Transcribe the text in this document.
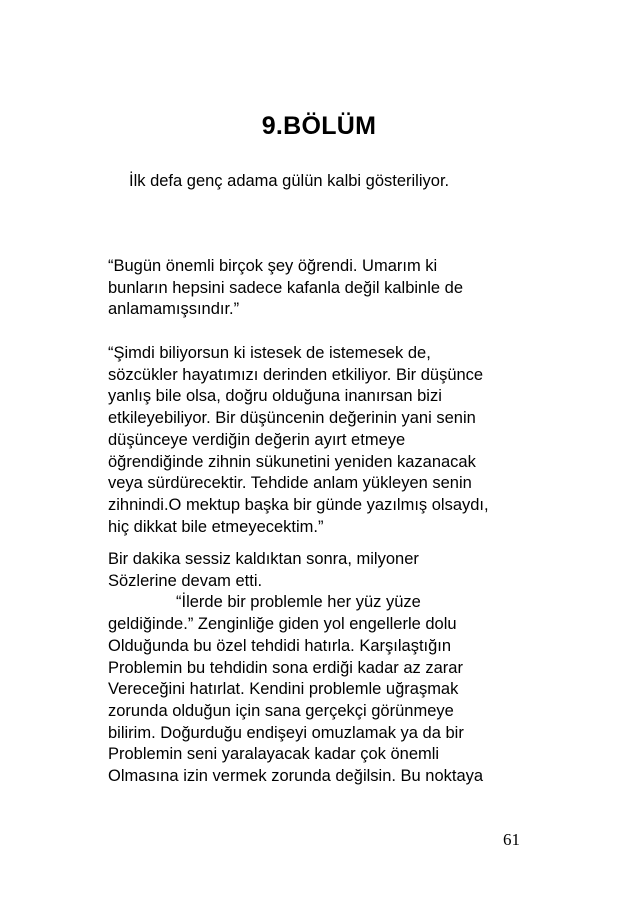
9.BÖLÜM
İlk defa genç adama gülün kalbi gösteriliyor.
“Bugün önemli birçok şey öğrendi. Umarım ki
bunların hepsini sadece kafanla değil kalbinle de
anlamamışsındır.”
“Şimdi biliyorsun ki istesek de istemesek de,
sözcükler hayatımızı derinden etkiliyor. Bir düşünce
yanlış bile olsa, doğru olduğuna inanırsan bizi
etkileyebiliyor. Bir düşüncenin değerinin yani senin
düşünceye verdiğin değerin ayırt etmeye
öğrendiğinde zihnin sükunetini yeniden kazanacak
veya sürdürecektir. Tehdide anlam yükleyen senin
zihnindi.O mektup başka bir günde yazılmış olsaydı,
hiç dikkat bile etmeyecektim.”
Bir dakika sessiz kaldıktan sonra, milyoner
Sözlerine devam etti.
“İlerde bir problemle her yüz yüze
geldiğinde.” Zenginliğe giden yol engellerle dolu
Olduğunda bu özel tehdidi hatırla. Karşılaştığın
Problemin bu tehdidin sona erdiği kadar az zarar
Vereceğini hatırlat. Kendini problemle uğraşmak
zorunda olduğun için sana gerçekçi görünmeye
bilirim. Doğurduğu endişeyi omuzlamak ya da bir
Problemin seni yaralayacak kadar çok önemli
Olmasına izin vermek zorunda değilsin. Bu noktaya
61
